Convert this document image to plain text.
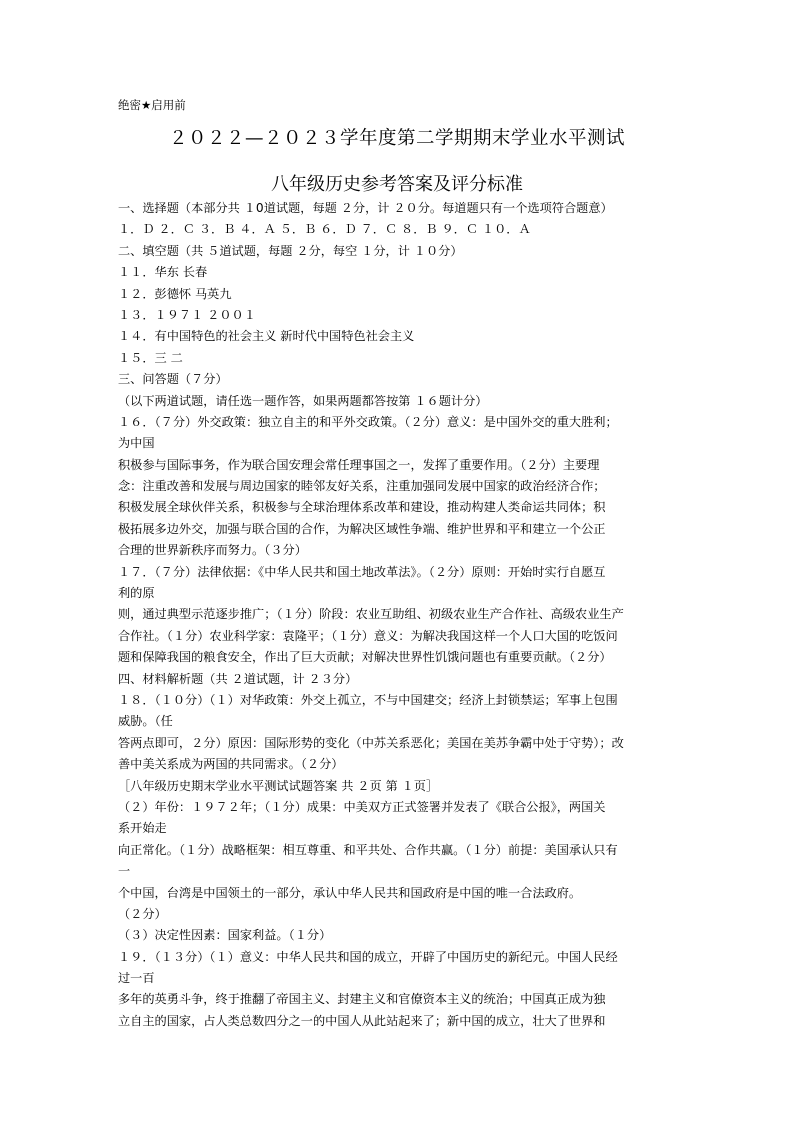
绝密★启用前
２０２２—２０２３学年度第二学期期末学业水平测试
八年级历史参考答案及评分标准
一、选择题（本部分共 １0道试题，每题 ２分，计 ２０分。每道题只有一个选项符合题意）
１．Ｄ ２．Ｃ ３．Ｂ ４．Ａ ５．Ｂ ６．Ｄ ７．Ｃ ８．Ｂ ９．Ｃ １０．Ａ
二、填空题（共 ５道试题，每题 ２分，每空 １分，计 １０分）
１１．华东 长春
１２．彭德怀 马英九
１３．１９７１ ２００１
１４．有中国特色的社会主义 新时代中国特色社会主义
１５．三 二
三、问答题（７分）
（以下两道试题，请任选一题作答，如果两题都答按第 １６题计分）
１６．（７分）外交政策：独立自主的和平外交政策。（２分）意义：是中国外交的重大胜利；
为中国
积极参与国际事务，作为联合国安理会常任理事国之一，发挥了重要作用。（２分）主要理
念：注重改善和发展与周边国家的睦邻友好关系，注重加强同发展中国家的政治经济合作；
积极发展全球伙伴关系，积极参与全球治理体系改革和建设，推动构建人类命运共同体；积
极拓展多边外交，加强与联合国的合作，为解决区域性争端、维护世界和平和建立一个公正
合理的世界新秩序而努力。（３分）
１７．（７分）法律依据：《中华人民共和国土地改革法》。（２分）原则：开始时实行自愿互
利的原
则，通过典型示范逐步推广；（１分）阶段：农业互助组、初级农业生产合作社、高级农业生产
合作社。（１分）农业科学家：袁隆平；（１分）意义：为解决我国这样一个人口大国的吃饭问
题和保障我国的粮食安全，作出了巨大贡献；对解决世界性饥饿问题也有重要贡献。（２分）
四、材料解析题（共 ２道试题，计 ２３分）
１８．（１０分）（１）对华政策：外交上孤立，不与中国建交；经济上封锁禁运；军事上包围
威胁。（任
答两点即可，２分）原因：国际形势的变化（中苏关系恶化；美国在美苏争霸中处于守势）；改
善中美关系成为两国的共同需求。（２分）
［八年级历史期末学业水平测试试题答案 共 ２页 第 １页］
（２）年份：１９７２年；（１分）成果：中美双方正式签署并发表了《联合公报》，两国关
系开始走
向正常化。（１分）战略框架：相互尊重、和平共处、合作共赢。（１分）前提：美国承认只有
一
个中国，台湾是中国领土的一部分，承认中华人民共和国政府是中国的唯一合法政府。
（２分）
（３）决定性因素：国家利益。（１分）
１９．（１３分）（１）意义：中华人民共和国的成立，开辟了中国历史的新纪元。中国人民经
过一百
多年的英勇斗争，终于推翻了帝国主义、封建主义和官僚资本主义的统治；中国真正成为独
立自主的国家，占人类总数四分之一的中国人从此站起来了；新中国的成立，壮大了世界和
